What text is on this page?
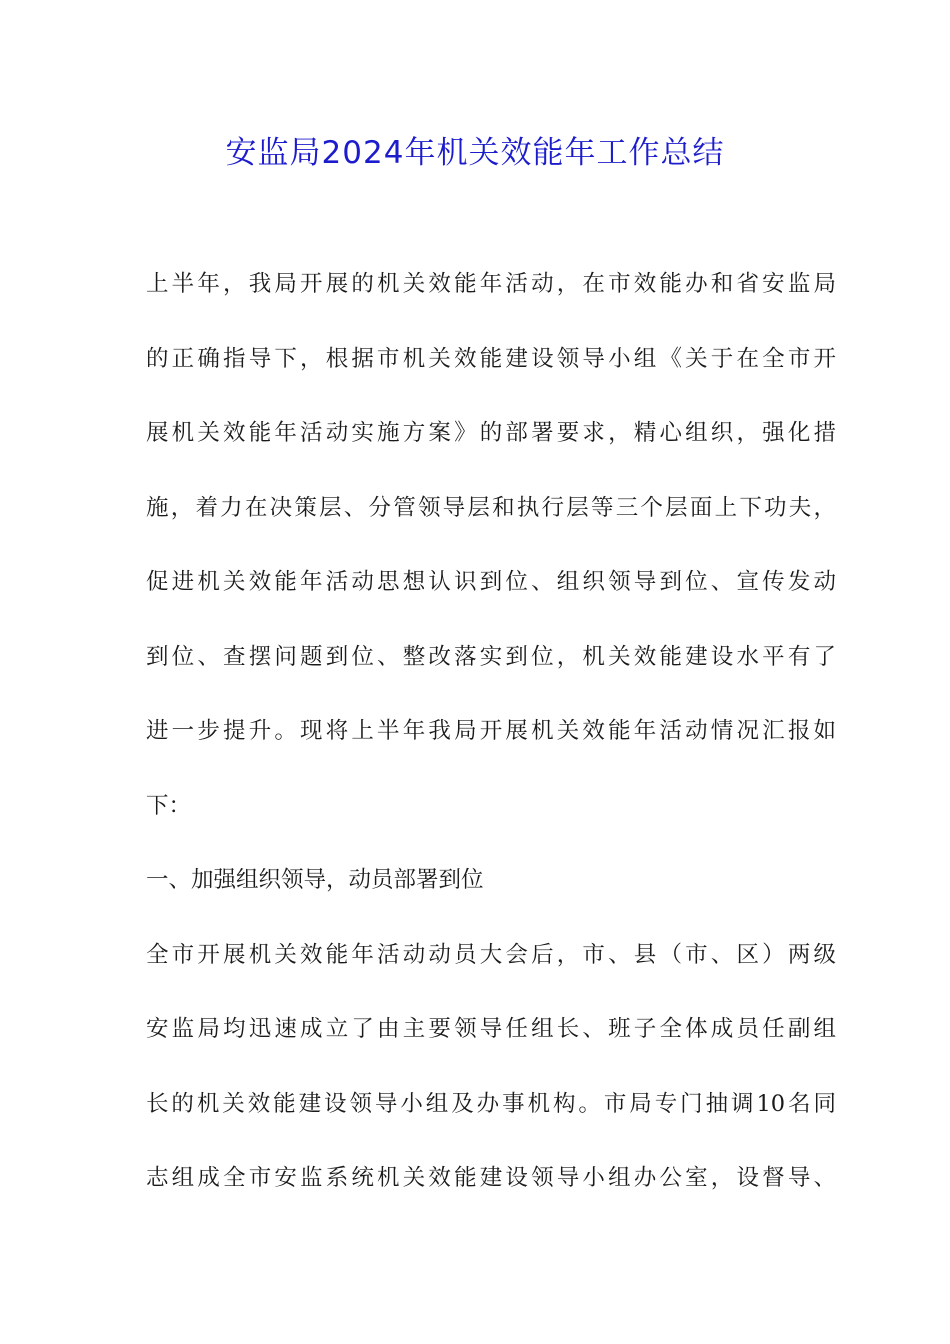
安监局2024年机关效能年工作总结
上半年，我局开展的机关效能年活动，在市效能办和省安监局
的正确指导下，根据市机关效能建设领导小组《关于在全市开
展机关效能年活动实施方案》的部署要求，精心组织，强化措
施，着力在决策层、分管领导层和执行层等三个层面上下功夫，
促进机关效能年活动思想认识到位、组织领导到位、宣传发动
到位、查摆问题到位、整改落实到位，机关效能建设水平有了
进一步提升。现将上半年我局开展机关效能年活动情况汇报如
下：
一、加强组织领导，动员部署到位
全市开展机关效能年活动动员大会后，市、县（市、区）两级
安监局均迅速成立了由主要领导任组长、班子全体成员任副组
长的机关效能建设领导小组及办事机构。市局专门抽调10名同
志组成全市安监系统机关效能建设领导小组办公室，设督导、
